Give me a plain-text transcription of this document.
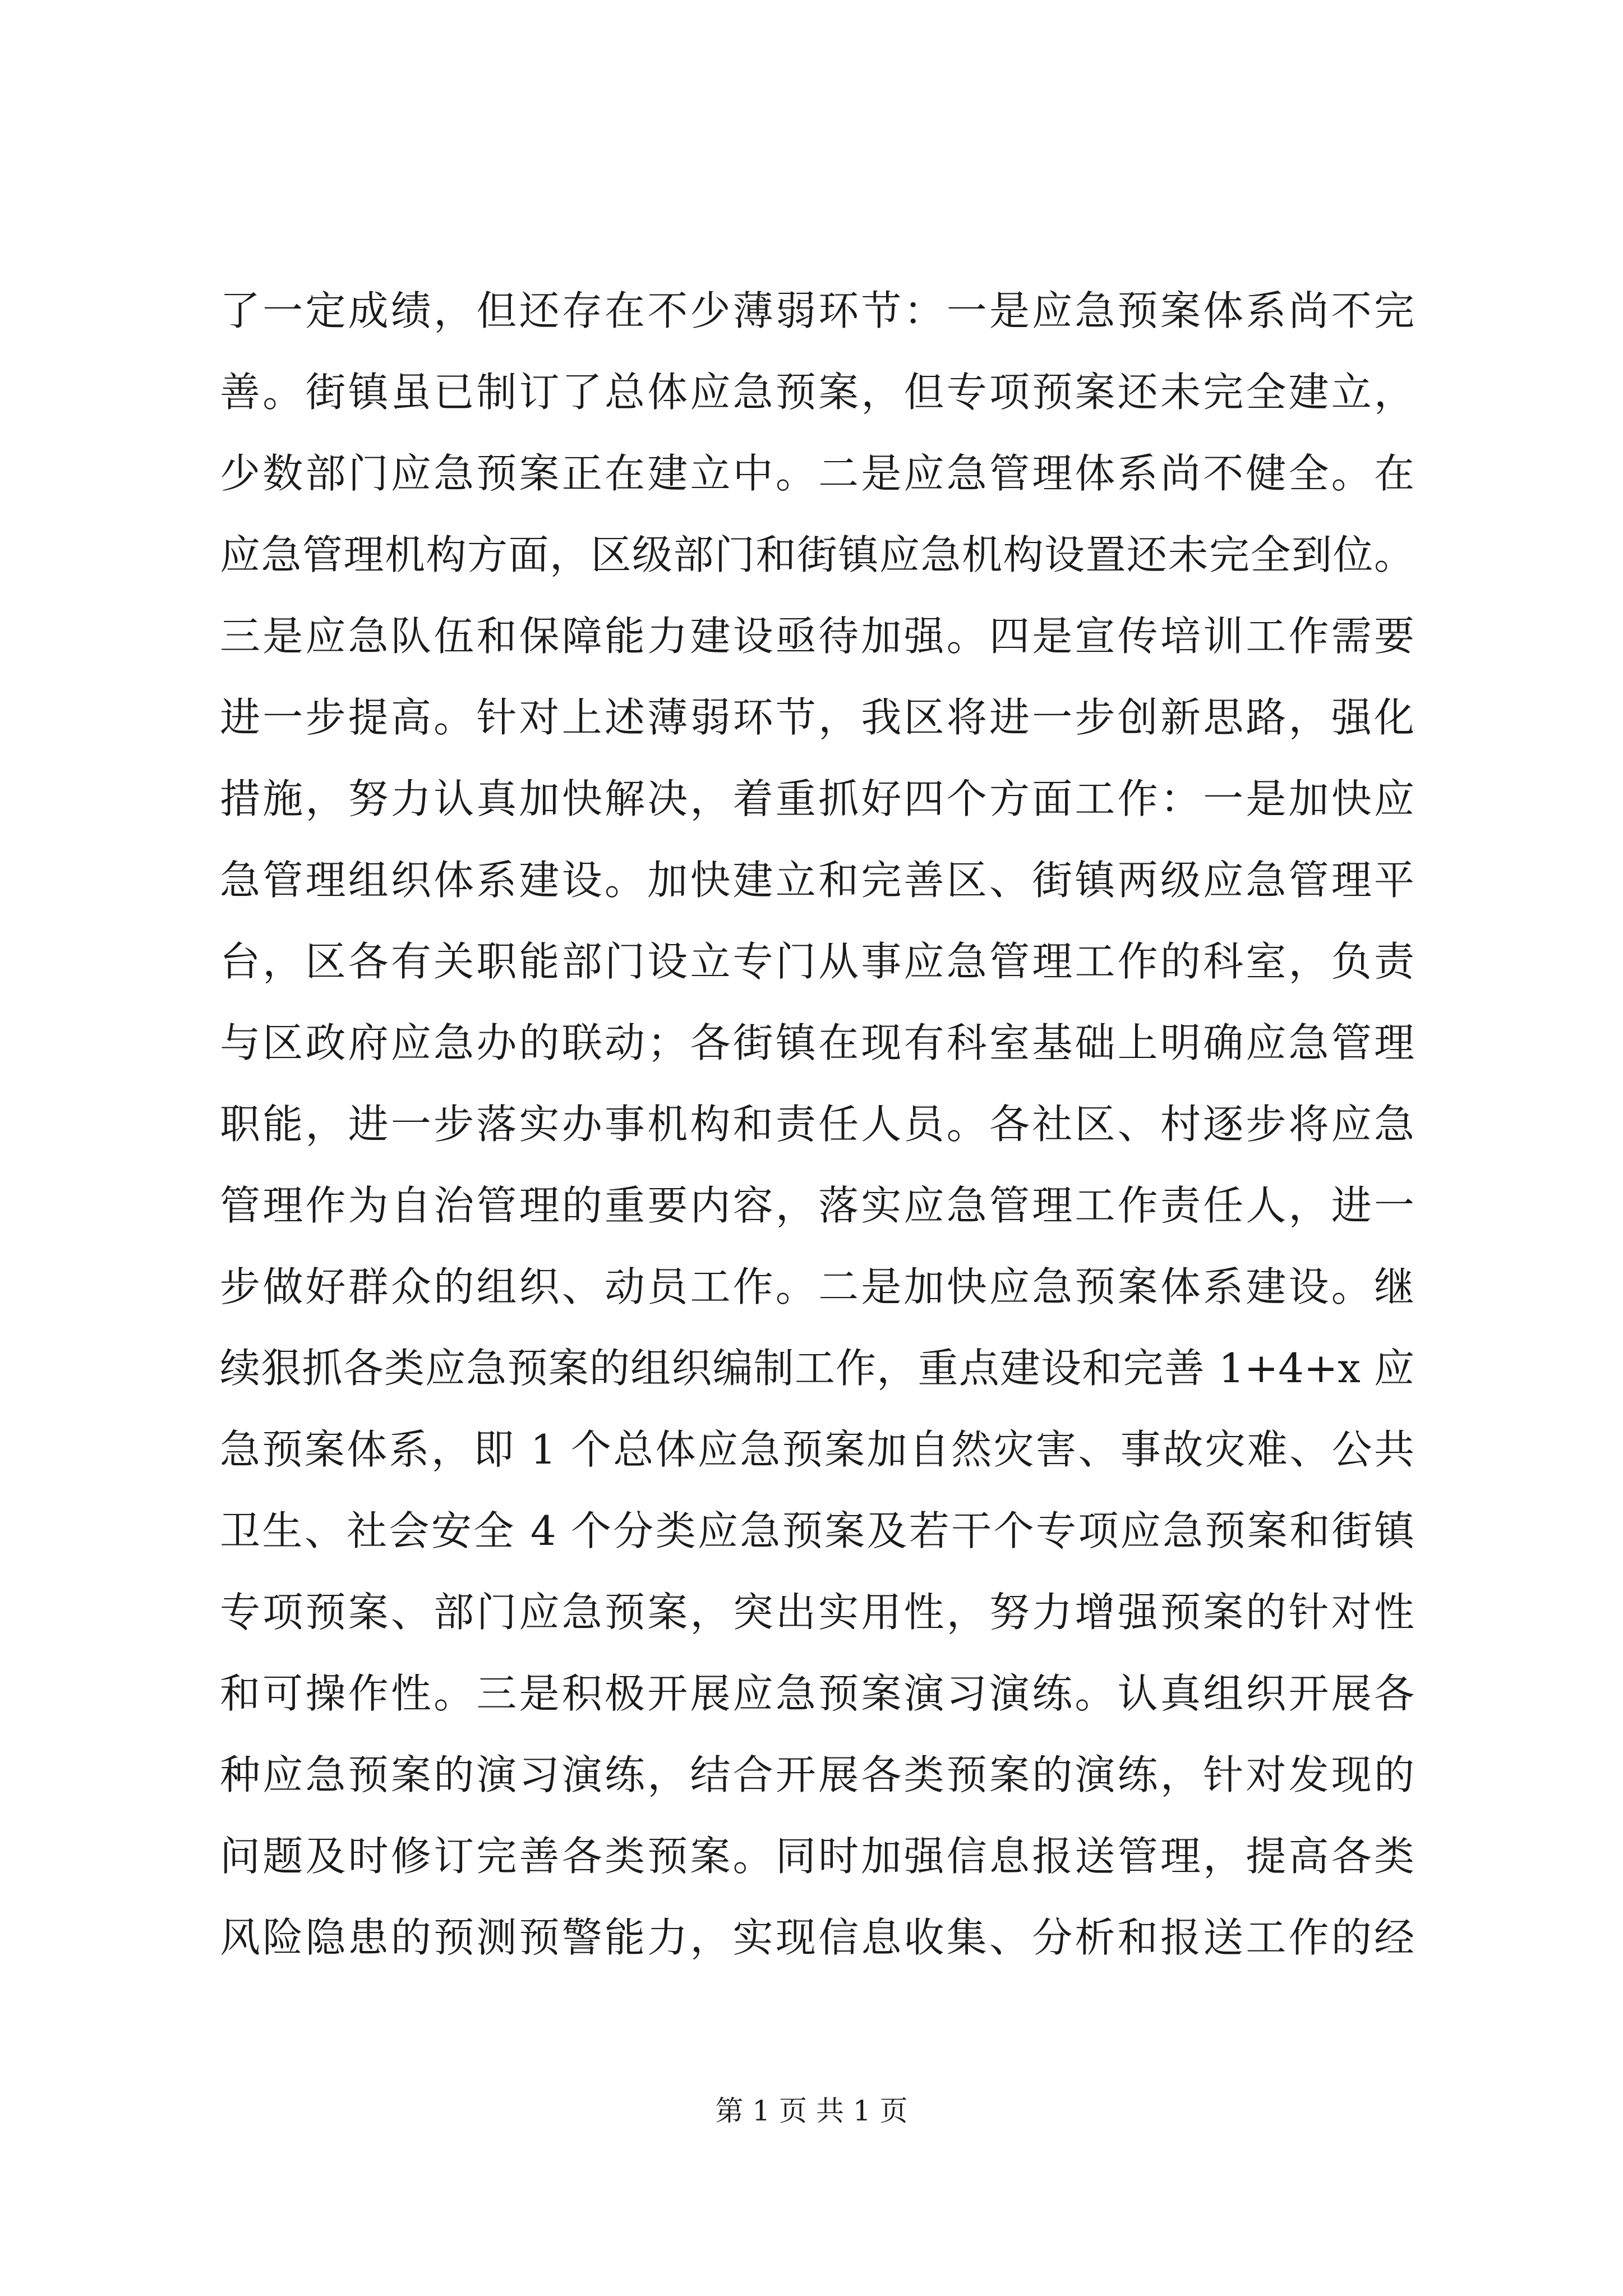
了一定成绩，但还存在不少薄弱环节：一是应急预案体系尚不完
善。街镇虽已制订了总体应急预案，但专项预案还未完全建立，
少数部门应急预案正在建立中。二是应急管理体系尚不健全。在
应急管理机构方面，区级部门和街镇应急机构设置还未完全到位。
三是应急队伍和保障能力建设亟待加强。四是宣传培训工作需要
进一步提高。针对上述薄弱环节，我区将进一步创新思路，强化
措施，努力认真加快解决，着重抓好四个方面工作：一是加快应
急管理组织体系建设。加快建立和完善区、街镇两级应急管理平
台，区各有关职能部门设立专门从事应急管理工作的科室，负责
与区政府应急办的联动；各街镇在现有科室基础上明确应急管理
职能，进一步落实办事机构和责任人员。各社区、村逐步将应急
管理作为自治管理的重要内容，落实应急管理工作责任人，进一
步做好群众的组织、动员工作。二是加快应急预案体系建设。继
续狠抓各类应急预案的组织编制工作，重点建设和完善 1+4+x 应
急预案体系，即 1 个总体应急预案加自然灾害、事故灾难、公共
卫生、社会安全 4 个分类应急预案及若干个专项应急预案和街镇
专项预案、部门应急预案，突出实用性，努力增强预案的针对性
和可操作性。三是积极开展应急预案演习演练。认真组织开展各
种应急预案的演习演练，结合开展各类预案的演练，针对发现的
问题及时修订完善各类预案。同时加强信息报送管理，提高各类
风险隐患的预测预警能力，实现信息收集、分析和报送工作的经
第 1 页 共 1 页
